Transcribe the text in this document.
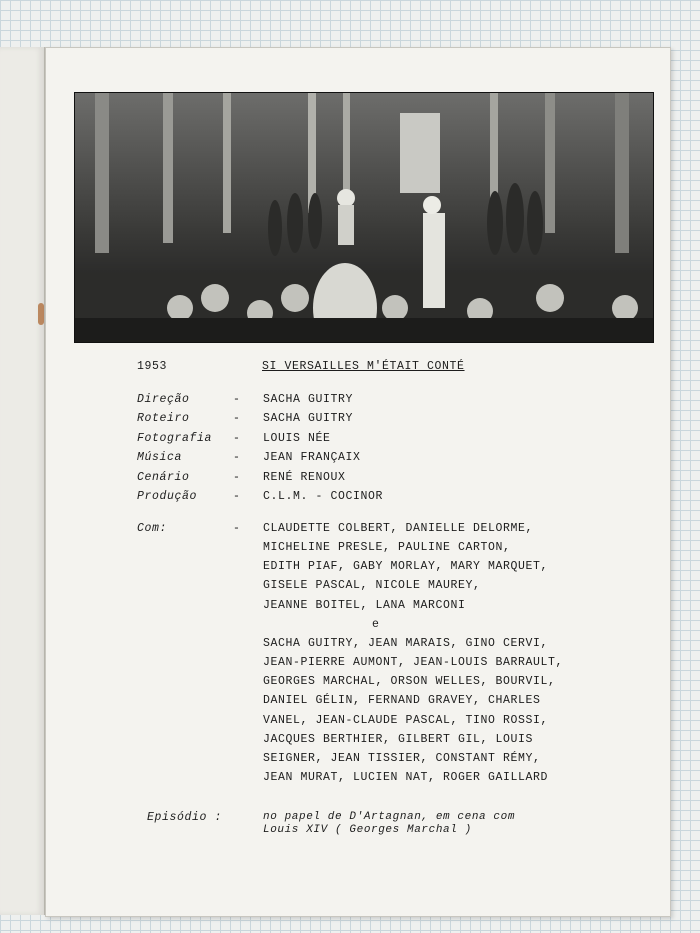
1953	SI VERSAILLES M'ÉTAIT CONTÉ
Direção	- SACHA GUITRY
Roteiro	- SACHA GUITRY
Fotografia - LOUIS NÉE
Música	- JEAN FRANÇAIX
Cenário	- RENÉ RENOUX
Produção	- C.L.M. - COCINOR
Com:	- CLAUDETTE COLBERT, DANIELLE DELORME,
MICHELINE PRESLE, PAULINE CARTON,
EDITH PIAF, GABY MORLAY, MARY MARQUET,
GISELE PASCAL, NICOLE MAUREY,
JEANNE BOITEL, LANA MARCONI
e
SACHA GUITRY, JEAN MARAIS, GINO CERVI,
JEAN-PIERRE AUMONT, JEAN-LOUIS BARRAULT,
GEORGES MARCHAL, ORSON WELLES, BOURVIL,
DANIEL GÉLIN, FERNAND GRAVEY, CHARLES
VANEL, JEAN-CLAUDE PASCAL, TINO ROSSI,
JACQUES BERTHIER, GILBERT GIL, LOUIS
SEIGNER, JEAN TISSIER, CONSTANT RÉMY,
JEAN MURAT, LUCIEN NAT, ROGER GAILLARD
Episódio :	no papel de D'Artagnan, em cena com
Louis XIV ( Georges Marchal )
